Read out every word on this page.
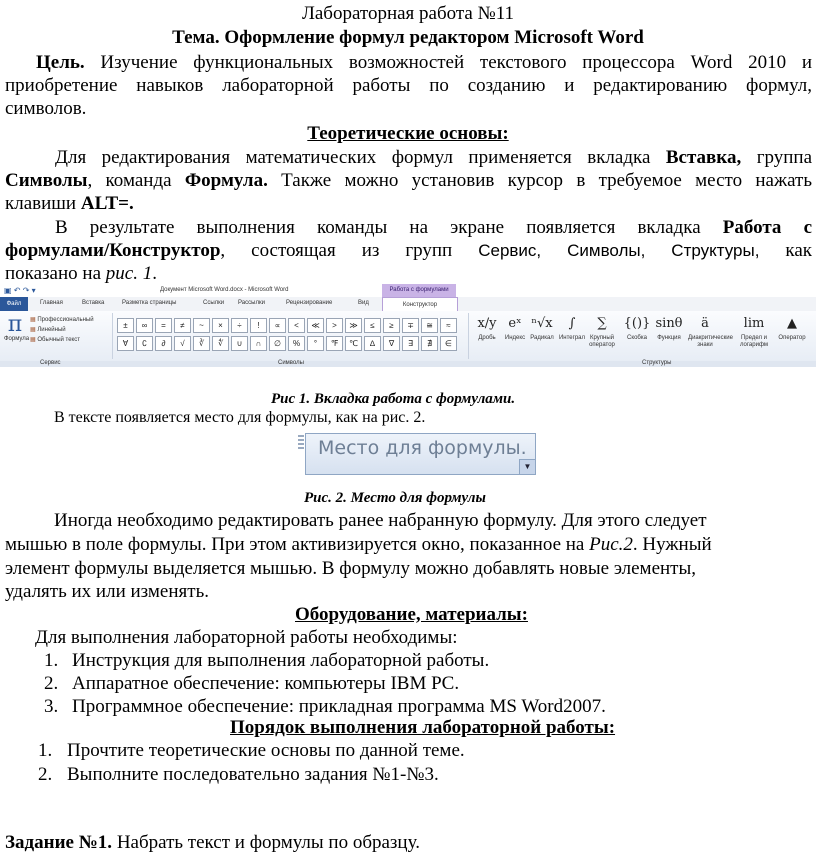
Лабораторная работа №11
Тема. Оформление формул редактором Microsoft Word
Цель. Изучение функциональных возможностей текстового процессора Word 2010 и
приобретение навыков лабораторной работы по созданию и редактированию формул,
символов.
Теоретические основы:
Для редактирования математических формул применяется вкладка Вставка, группа
Символы, команда Формула. Также можно установив курсор в требуемое место нажать
клавиши ALT=.
В результате выполнения команды на экране появляется вкладка Работа с
формулами/Конструктор, состоящая из групп Сервис, Символы, Структуры, как
показано на рис. 1.
▣ ↶ ↷ ▾	Документ Microsoft Word.docx - Microsoft Word	Работа с формулами
Файл	Главная	Вставка	Разметка страницы	Ссылки Рассылки	Рецензирование	Вид	Конструктор
π
Формула
▦ Профессиональный
▦ Линейный
▦ Обычный текст
x/y
Дробь
eˣ
Индекс
ⁿ√x
Радикал
∫
Интеграл
∑
Крупный оператор
{()}
Скобка
sinθ
Функция
ä
Диакритические знаки
lim
Предел и логарифм
▲
Оператор
±	∞	=	≠	~	×	÷	!	∝	<	≪	>	≫	≤	≥	∓	≅	≈
∀	∁	∂	√	∛	∜	∪	∩	∅	%	°	℉	℃	∆	∇	∃	∄	∈
Сервис	Символы	Структуры
Рис 1. Вкладка работа с формулами.
В тексте появляется место для формулы, как на рис. 2.
Место для формулы.
▼
Рис. 2. Место для формулы
Иногда необходимо редактировать ранее набранную формулу. Для этого следует
мышью в поле формулы. При этом активизируется окно, показанное на Рис.2. Нужный
элемент формулы выделяется мышью. В формулу можно добавлять новые элементы,
удалять их или изменять.
Оборудование, материалы:
Для выполнения лабораторной работы необходимы:
1. Инструкция для выполнения лабораторной работы.
2. Аппаратное обеспечение: компьютеры IBM PC.
3. Программное обеспечение: прикладная программа MS Word2007.
Порядок выполнения лабораторной работы:
1. Прочтите теоретические основы по данной теме.
2. Выполните последовательно задания №1-№3.
Задание №1. Набрать текст и формулы по образцу.
